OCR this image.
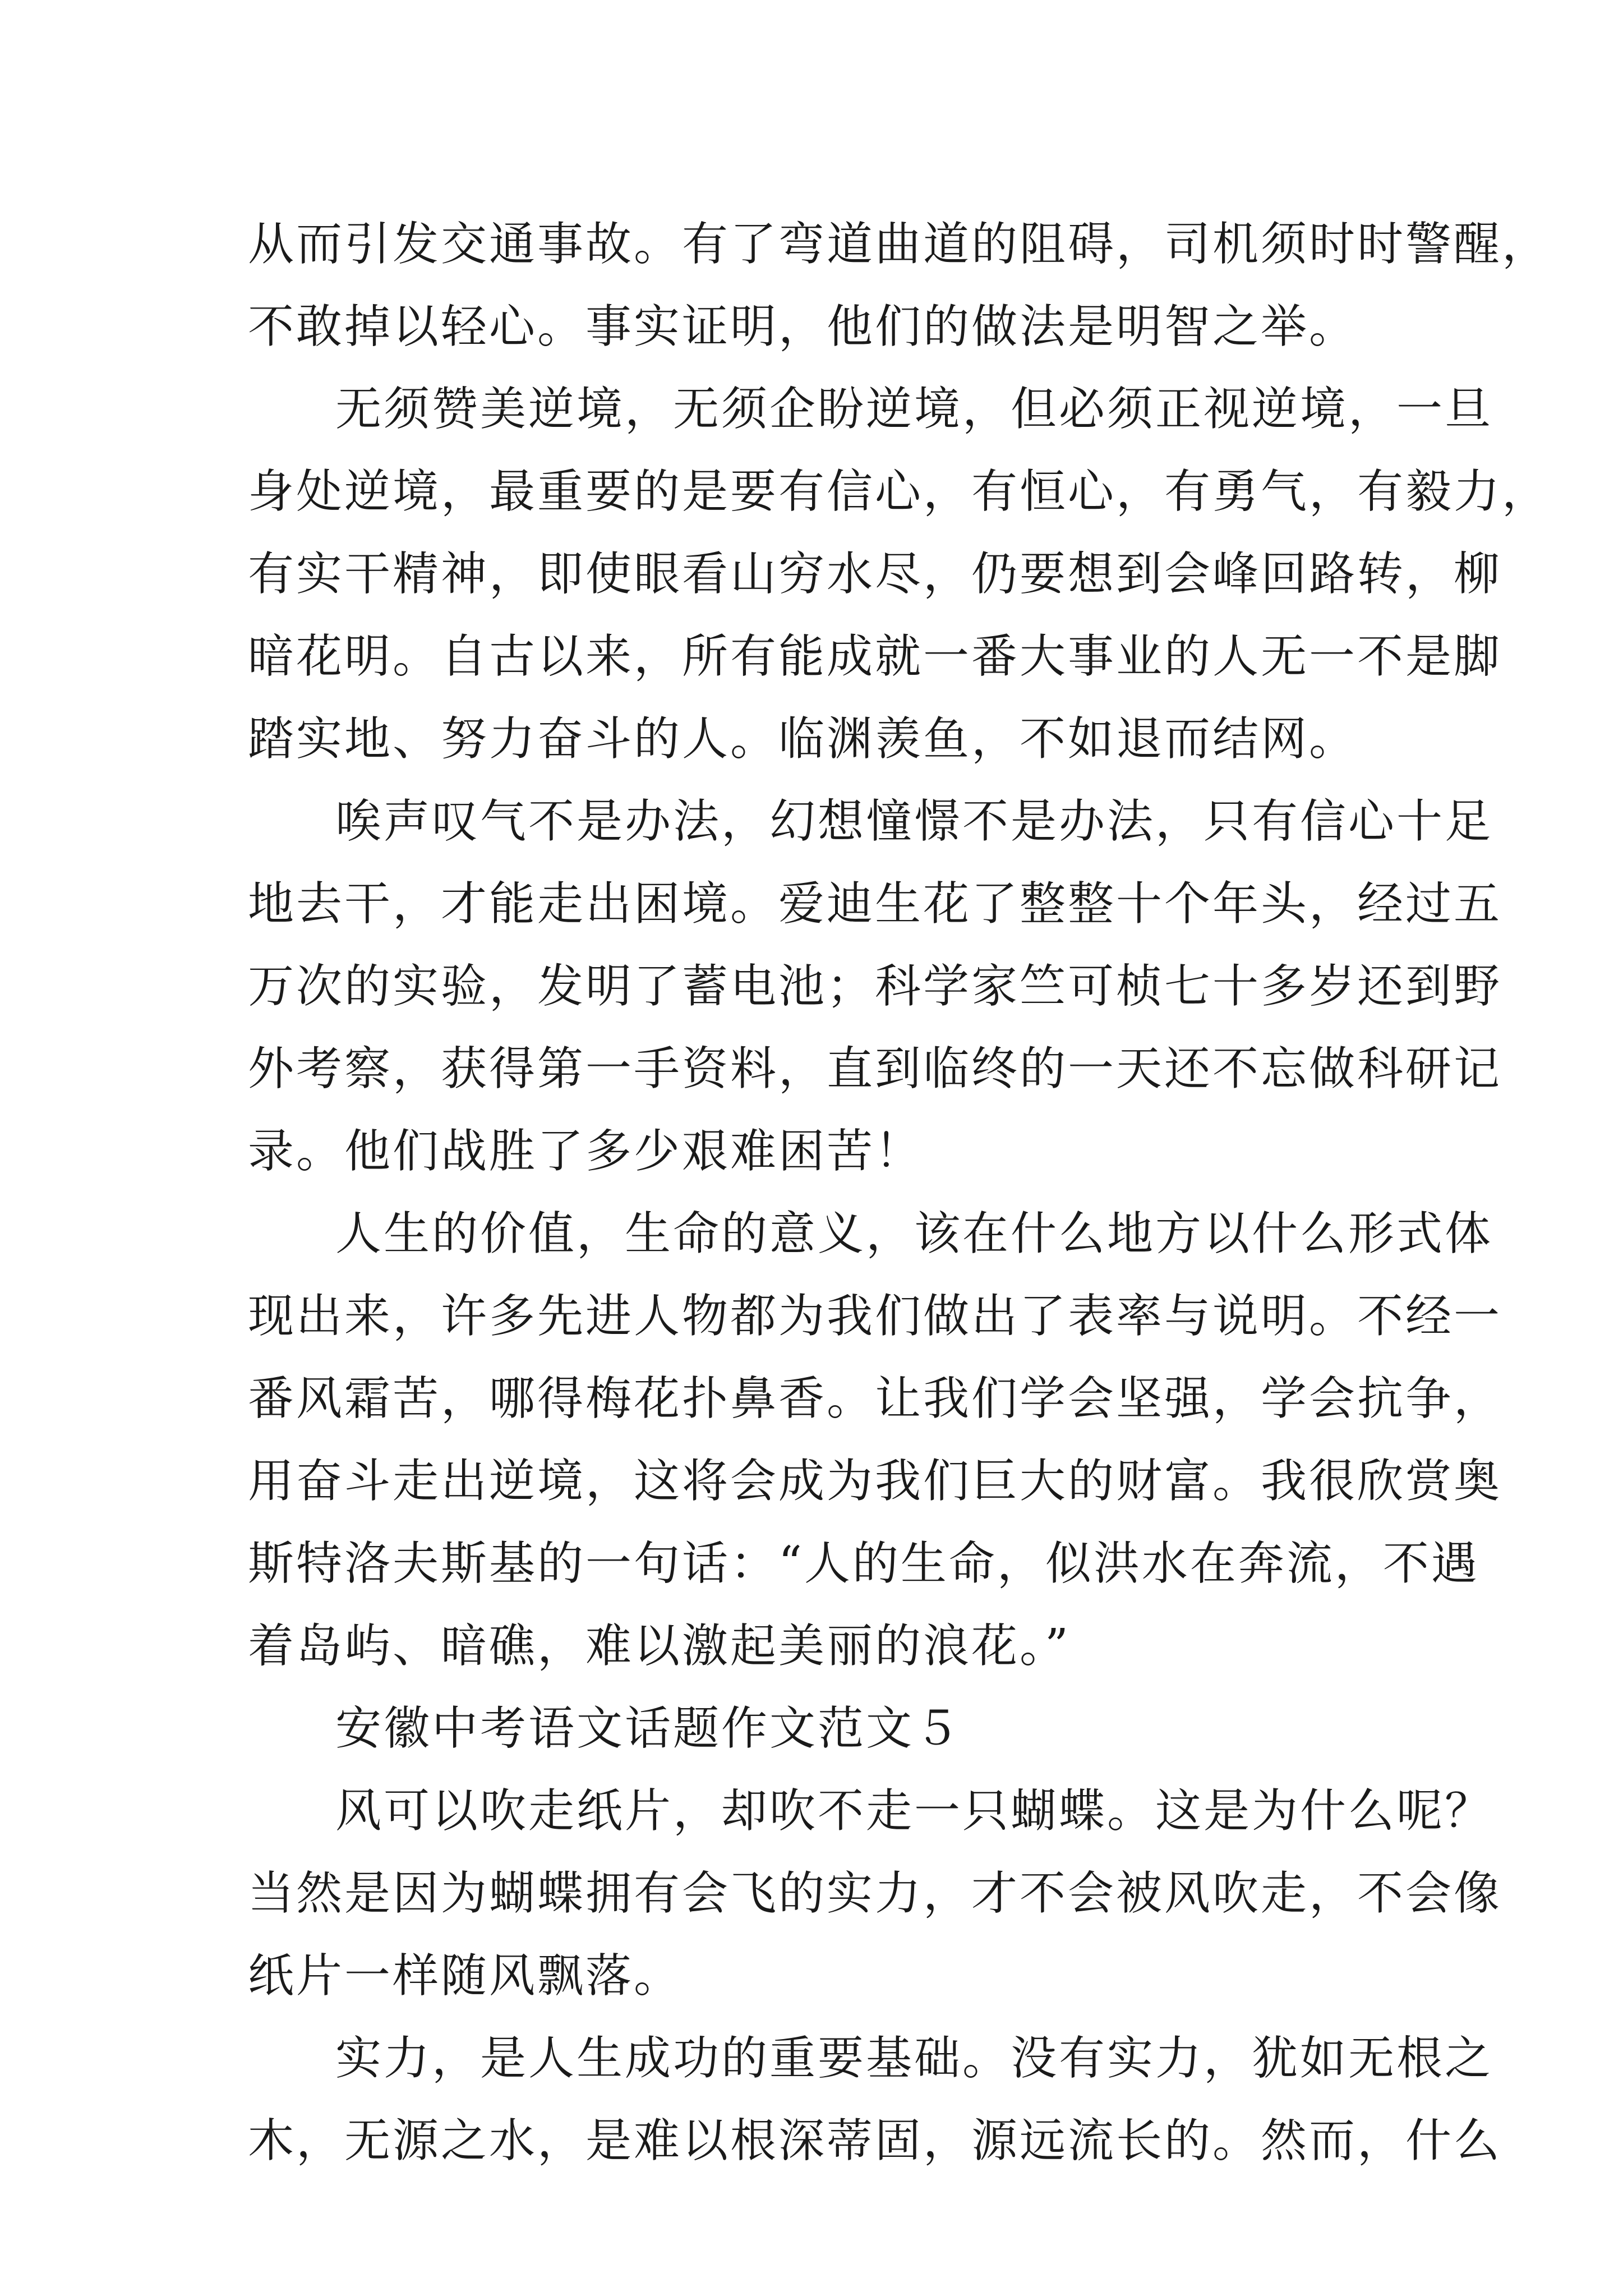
从而引发交通事故。有了弯道曲道的阻碍，司机须时时警醒，
不敢掉以轻心。事实证明，他们的做法是明智之举。
无须赞美逆境，无须企盼逆境，但必须正视逆境，一旦
身处逆境，最重要的是要有信心，有恒心，有勇气，有毅力，
有实干精神，即使眼看山穷水尽，仍要想到会峰回路转，柳
暗花明。自古以来，所有能成就一番大事业的人无一不是脚
踏实地、努力奋斗的人。临渊羡鱼，不如退而结网。
唉声叹气不是办法，幻想憧憬不是办法，只有信心十足
地去干，才能走出困境。爱迪生花了整整十个年头，经过五
万次的实验，发明了蓄电池；科学家竺可桢七十多岁还到野
外考察，获得第一手资料，直到临终的一天还不忘做科研记
录。他们战胜了多少艰难困苦！
人生的价值，生命的意义，该在什么地方以什么形式体
现出来，许多先进人物都为我们做出了表率与说明。不经一
番风霜苦，哪得梅花扑鼻香。让我们学会坚强，学会抗争，
用奋斗走出逆境，这将会成为我们巨大的财富。我很欣赏奥
斯特洛夫斯基的一句话：“人的生命，似洪水在奔流，不遇
着岛屿、暗礁，难以激起美丽的浪花。”
安徽中考语文话题作文范文５
风可以吹走纸片，却吹不走一只蝴蝶。这是为什么呢？
当然是因为蝴蝶拥有会飞的实力，才不会被风吹走，不会像
纸片一样随风飘落。
实力，是人生成功的重要基础。没有实力，犹如无根之
木，无源之水，是难以根深蒂固，源远流长的。然而，什么
